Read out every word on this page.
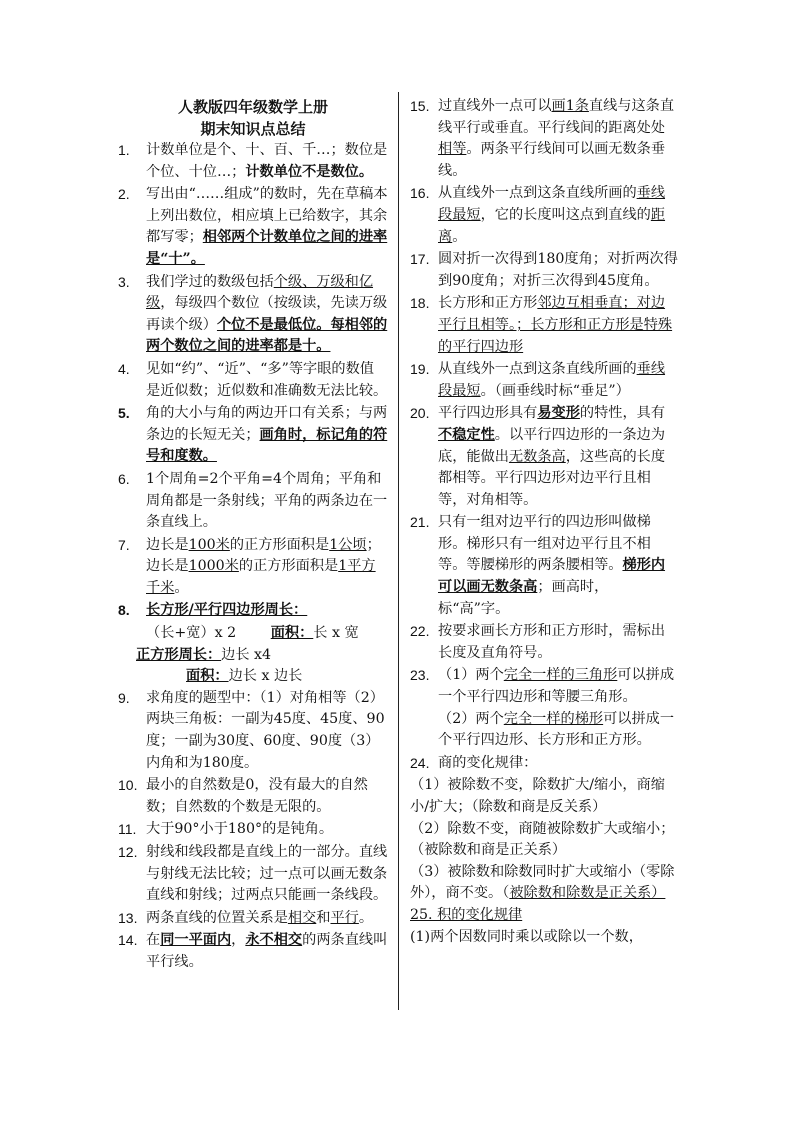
人教版四年级数学上册
期末知识点总结
1. 计数单位是个、十、百、千…；数位是个位、十位…；计数单位不是数位。
2. 写出由“……组成”的数时，先在草稿本上列出数位，相应填上已给数字，其余都写零；相邻两个计数单位之间的进率是“十”。
3. 我们学过的数级包括个级、万级和亿级，每级四个数位（按级读，先读万级再读个级）个位不是最低位。每相邻的两个数位之间的进率都是十。
4. 见如“约”、“近”、“多”等字眼的数值是近似数；近似数和准确数无法比较。
5. 角的大小与角的两边开口有关系；与两条边的长短无关；画角时，标记角的符号和度数。
6. 1个周角=2个平角=4个周角；平角和周角都是一条射线；平角的两条边在一条直线上。
7. 边长是100米的正方形面积是1公顷；边长是1000米的正方形面积是1平方千米。
8. 长方形/平行四边形周长：

（长+宽）x 2 面积：长 x 宽

正方形周长：边长 x4

面积：边长 x 边长

9. 求角度的题型中：（1）对角相等（2）两块三角板：一副为45度、45度、90度；一副为30度、60度、90度（3）内角和为180度。
10. 最小的自然数是0，没有最大的自然数；自然数的个数是无限的。
11. 大于90°小于180°的是钝角。
12. 射线和线段都是直线上的一部分。直线与射线无法比较；过一点可以画无数条直线和射线；过两点只能画一条线段。
13. 两条直线的位置关系是相交和平行。
14. 在同一平面内，永不相交的两条直线叫平行线。
15. 过直线外一点可以画1条直线与这条直线平行或垂直。平行线间的距离处处相等。两条平行线间可以画无数条垂线。
16. 从直线外一点到这条直线所画的垂线段最短，它的长度叫这点到直线的距离。
17. 圆对折一次得到180度角；对折两次得到90度角；对折三次得到45度角。
18. 长方形和正方形邻边互相垂直；对边平行且相等。；长方形和正方形是特殊的平行四边形
19. 从直线外一点到这条直线所画的垂线段最短。（画垂线时标“垂足”）
20. 平行四边形具有易变形的特性，具有不稳定性。以平行四边形的一条边为底，能做出无数条高，这些高的长度都相等。平行四边形对边平行且相等，对角相等。
21. 只有一组对边平行的四边形叫做梯形。梯形只有一组对边平行且不相等。等腰梯形的两条腰相等。梯形内可以画无数条高；画高时，标“高”字。
22. 按要求画长方形和正方形时，需标出长度及直角符号。
23. （1）两个完全一样的三角形可以拼成一个平行四边形和等腰三角形。
（2）两个完全一样的梯形可以拼成一个平行四边形、长方形和正方形。
24. 商的变化规律：

（1）被除数不变，除数扩大/缩小，商缩小/扩大；（除数和商是反关系）

（2）除数不变，商随被除数扩大或缩小；（被除数和商是正关系）

（3）被除数和除数同时扩大或缩小（零除外），商不变。（被除数和除数是正关系）

25. 积的变化规律

(1)两个因数同时乘以或除以一个数，
